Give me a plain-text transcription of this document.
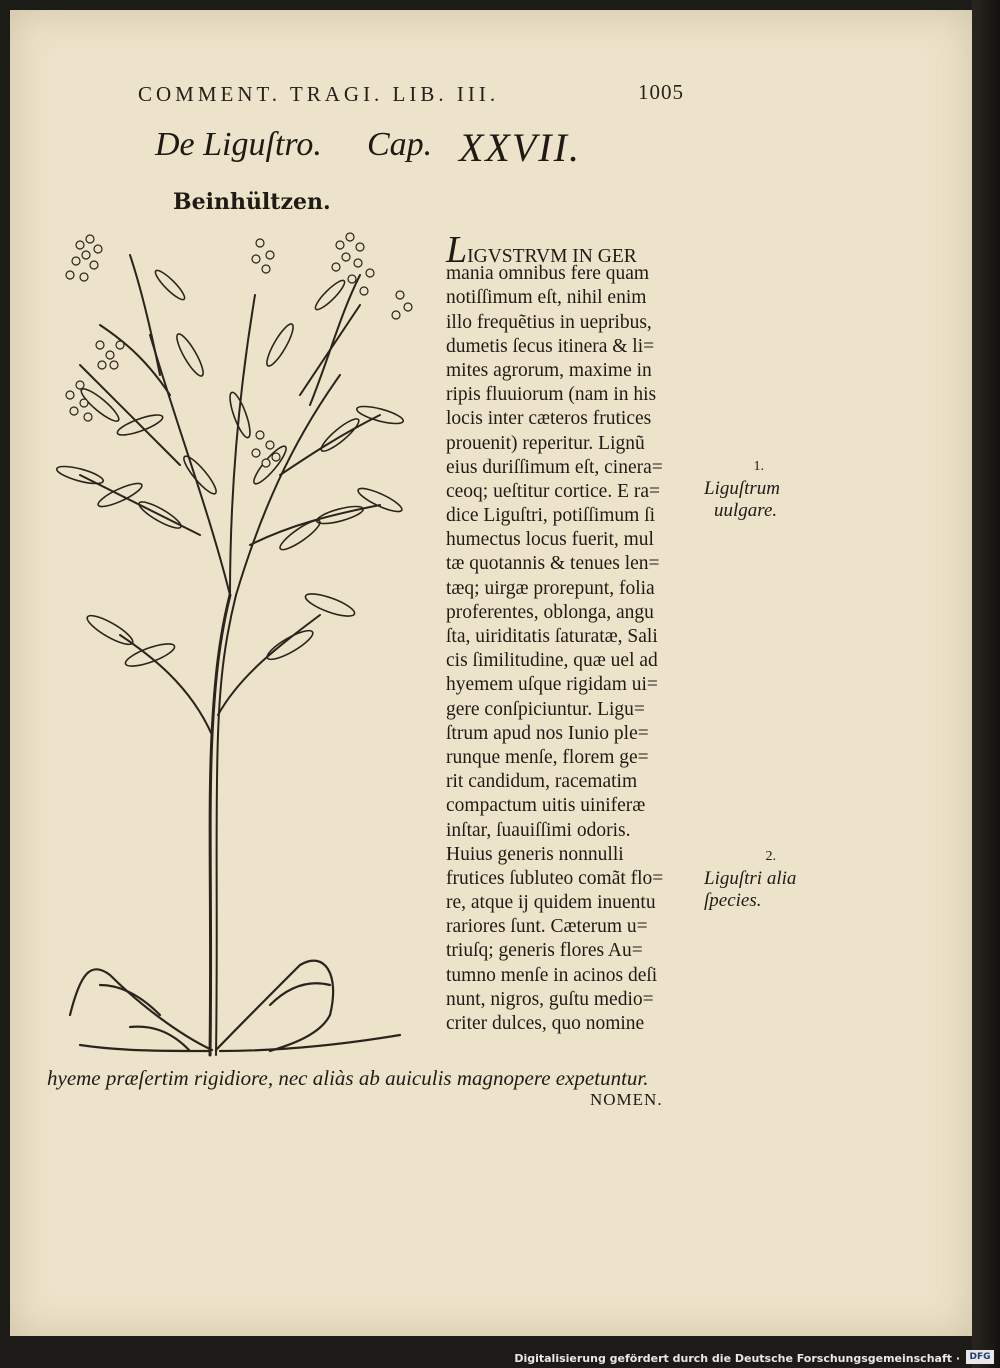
COMMENT. TRAGI. LIB. III.	1005
De Liguſtro. Cap. XXVII.
Beinhültzen.
LIGVSTRVM IN GER
mania omnibus fere quam
notiſſimum eſt, nihil enim
illo frequẽtius in uepribus,
dumetis ſecus itinera & li=
mites agrorum, maxime in
ripis fluuiorum (nam in his
locis inter cæteros frutices
prouenit) reperitur. Lignũ
eius duriſſimum eſt, cinera=
ceoq; ueſtitur cortice. E ra=
dice Liguſtri, potiſſimum ſi
humectus locus fuerit, mul
tæ quotannis & tenues len=
tæq; uirgæ prorepunt, folia
proferentes, oblonga, angu
ſta, uiriditatis ſaturatæ, Sali
cis ſimilitudine, quæ uel ad
hyemem uſque rigidam ui=
gere conſpiciuntur. Ligu=
ſtrum apud nos Iunio ple=
runque menſe, florem ge=
rit candidum, racematim
compactum uitis uiniferæ
inſtar, ſuauiſſimi odoris.
Huius generis nonnulli
frutices ſubluteo comãt flo=
re, atque ij quidem inuentu
rariores ſunt. Cæterum u=
triuſq; generis flores Au=
tumno menſe in acinos deſi
nunt, nigros, guſtu medio=
criter dulces, quo nomine
1.
Liguſtrum
uulgare.
2.
Liguſtri alia
ſpecies.
hyeme præſertim rigidiore, nec aliàs ab auiculis magnopere expetuntur.
NOMEN.
Digitalisierung gefördert durch die Deutsche Forschungsgemeinschaft ·	DFG
